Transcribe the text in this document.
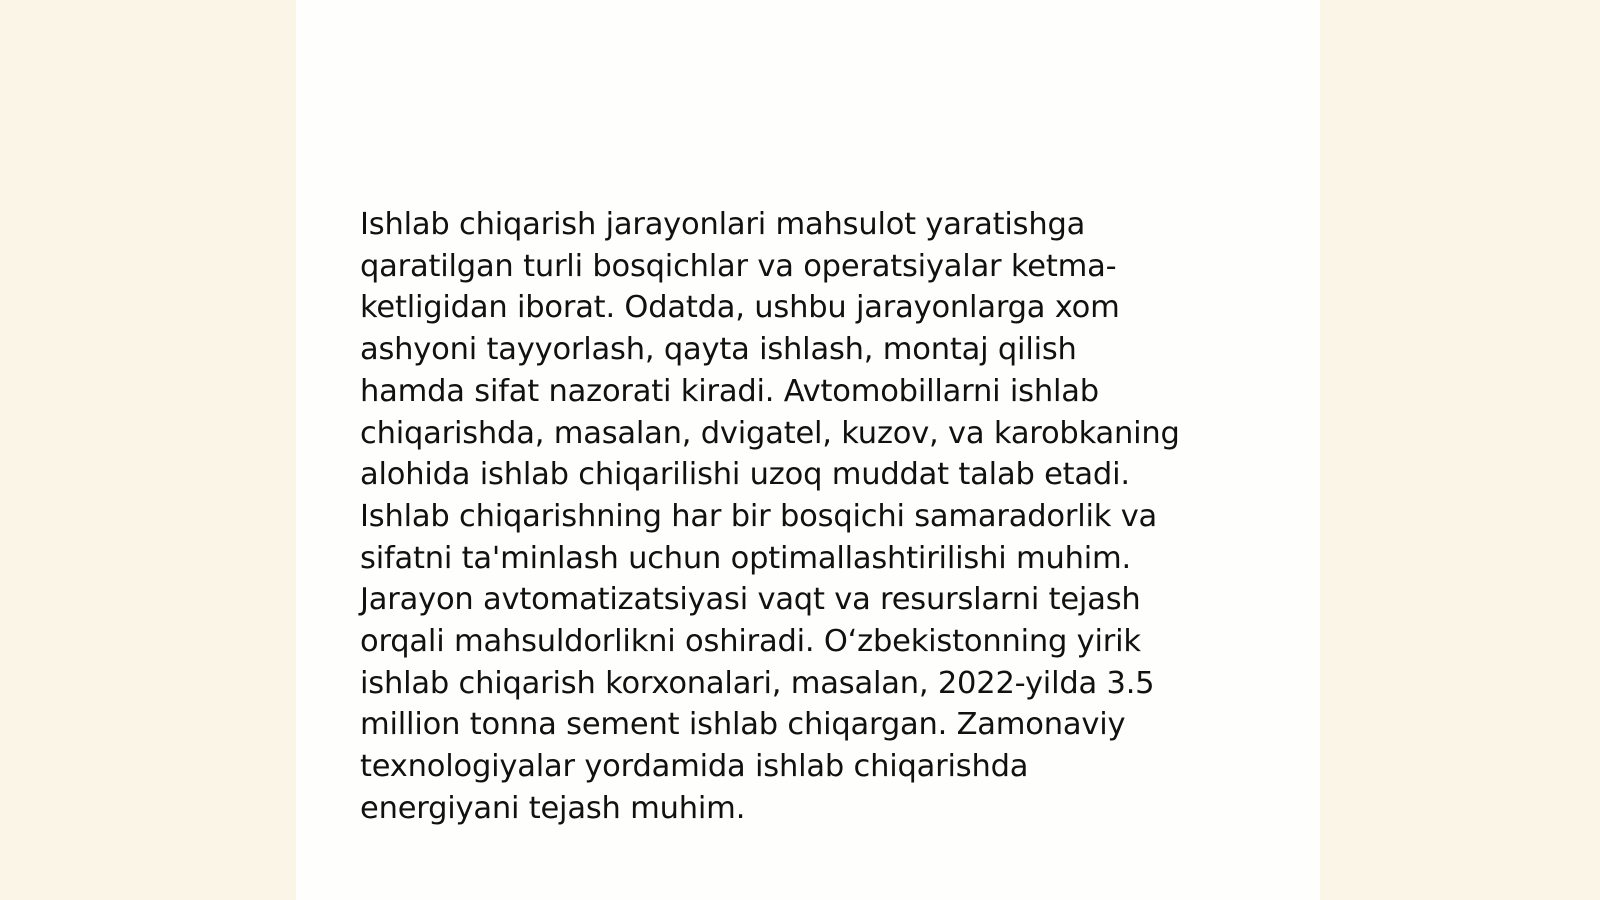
Ishlab chiqarish jarayonlari mahsulot yaratishga
qaratilgan turli bosqichlar va operatsiyalar ketma-
ketligidan iborat. Odatda, ushbu jarayonlarga xom
ashyoni tayyorlash, qayta ishlash, montaj qilish
hamda sifat nazorati kiradi. Avtomobillarni ishlab
chiqarishda, masalan, dvigatel, kuzov, va karobkaning
alohida ishlab chiqarilishi uzoq muddat talab etadi.
Ishlab chiqarishning har bir bosqichi samaradorlik va
sifatni ta'minlash uchun optimallashtirilishi muhim.
Jarayon avtomatizatsiyasi vaqt va resurslarni tejash
orqali mahsuldorlikni oshiradi. O‘zbekistonning yirik
ishlab chiqarish korxonalari, masalan, 2022-yilda 3.5
million tonna sement ishlab chiqargan. Zamonaviy
texnologiyalar yordamida ishlab chiqarishda
energiyani tejash muhim.
